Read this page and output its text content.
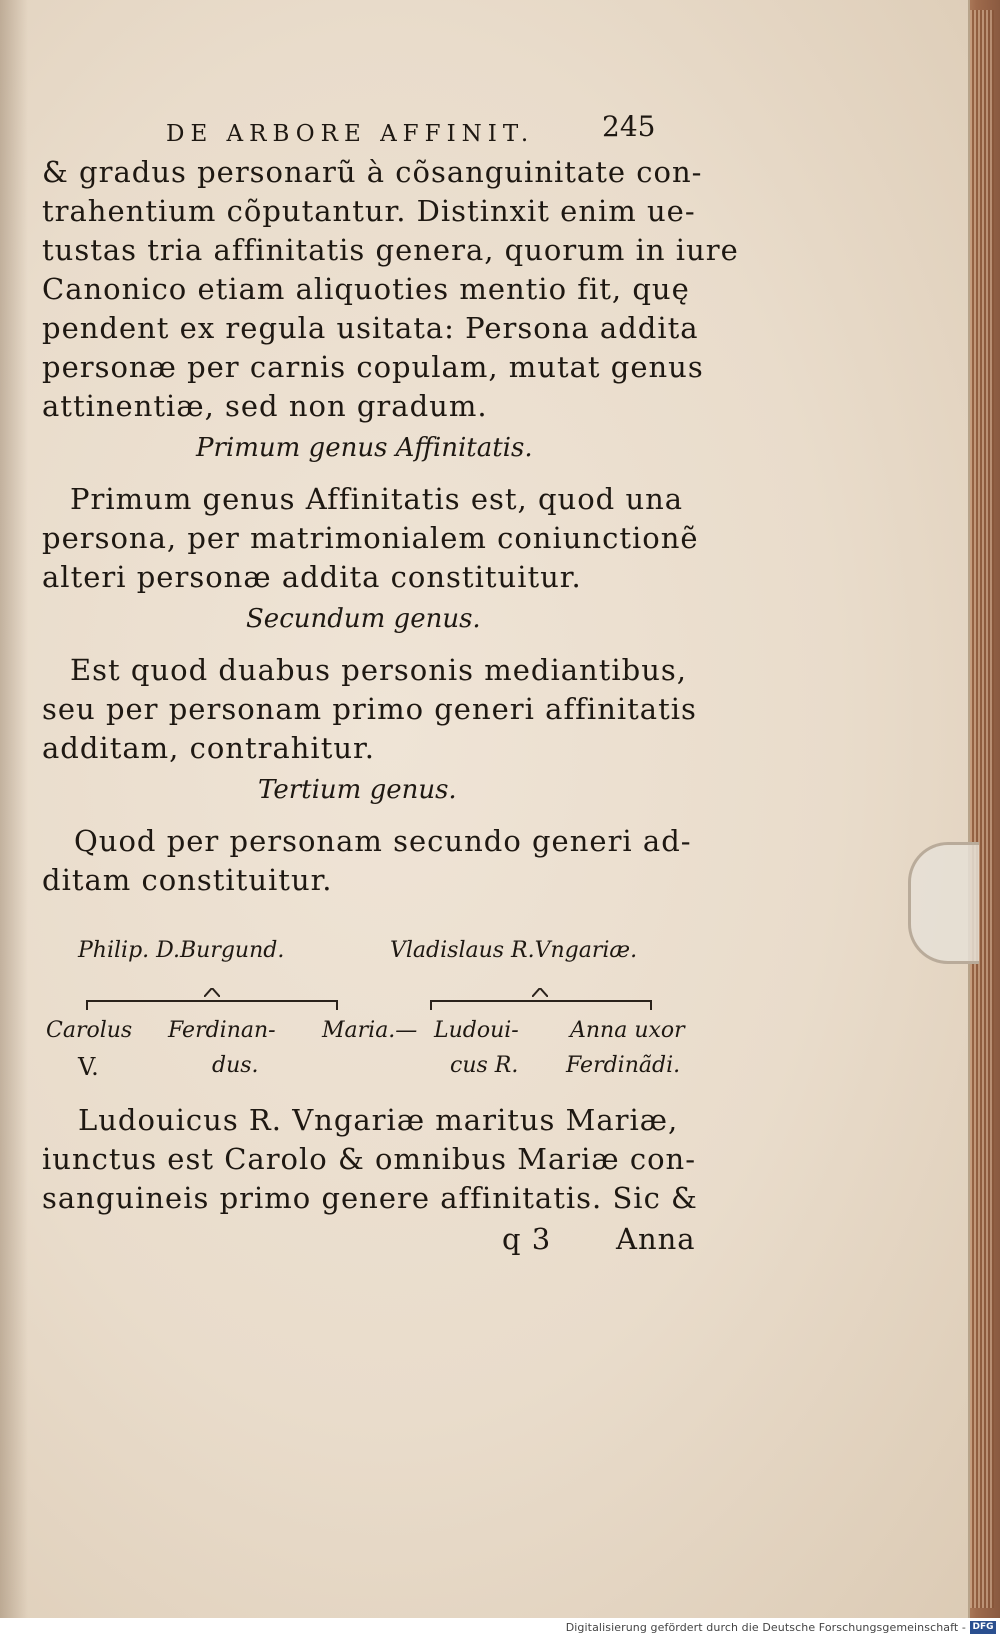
DE ARBORE AFFINIT. 245
& gradus personarũ à cõsanguinitate con-
trahentium cõputantur. Distinxit enim ue-
tustas tria affinitatis genera, quorum in iure
Canonico etiam aliquoties mentio fit, quę
pendent ex regula usitata: Persona addita
personæ per carnis copulam, mutat genus
attinentiæ, sed non gradum.
Primum genus Affinitatis.
Primum genus Affinitatis est, quod una
persona, per matrimonialem coniunctionẽ
alteri personæ addita constituitur.
Secundum genus.
Est quod duabus personis mediantibus,
seu per personam primo generi affinitatis
additam, contrahitur.
Tertium genus.
Quod per personam secundo generi ad-
ditam constituitur.
Philip. D.Burgund.	Vladislaus R.Vngariæ.
Carolus
V.
Ferdinan-
dus.
Maria.— Ludoui-
cus R.
Anna uxor
Ferdinãdi.
Ludouicus R. Vngariæ maritus Mariæ,
iunctus est Carolo & omnibus Mariæ con-
sanguineis primo genere affinitatis. Sic &
q 3 Anna
Digitalisierung gefördert durch die Deutsche Forschungsgemeinschaft - DFG
